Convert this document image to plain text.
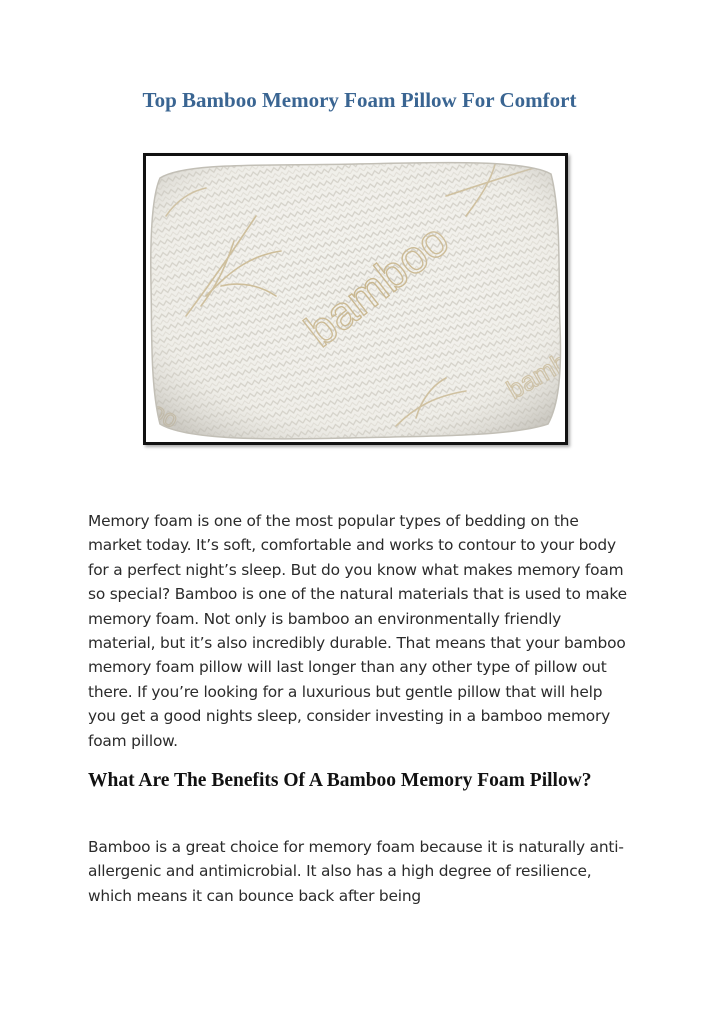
Top Bamboo Memory Foam Pillow For Comfort

Memory foam is one of the most popular types of bedding on the market today. It’s soft, comfortable and works to contour to your body for a perfect night’s sleep. But do you know what makes memory foam so special? Bamboo is one of the natural materials that is used to make memory foam. Not only is bamboo an environmentally friendly material, but it’s also incredibly durable. That means that your bamboo memory foam pillow will last longer than any other type of pillow out there. If you’re looking for a luxurious but gentle pillow that will help you get a good nights sleep, consider investing in a bamboo memory foam pillow.

What Are The Benefits Of A Bamboo Memory Foam Pillow?

Bamboo is a great choice for memory foam because it is naturally anti-allergenic and antimicrobial. It also has a high degree of resilience, which means it can bounce back after being
